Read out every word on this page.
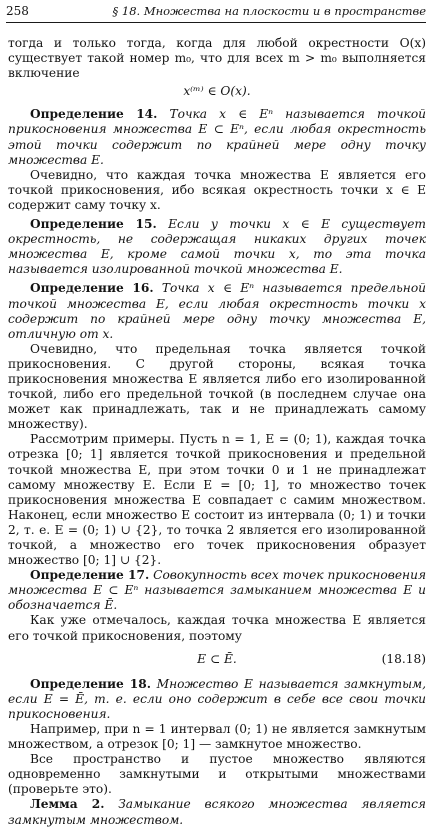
258	§ 18. Множества на плоскости и в пространстве

тогда и только тогда, когда для любой окрестности O(x) существует такой номер m₀, что для всех m > m₀ выполняется включение

x⁽ᵐ⁾ ∈ O(x).

Определение 14. Точка x ∈ Eⁿ называется точкой прикосновения множества E ⊂ Eⁿ, если любая окрестность этой точки содержит по крайней мере одну точку множества E.

Очевидно, что каждая точка множества E является его точкой прикосновения, ибо всякая окрестность точки x ∈ E содержит саму точку x.

Определение 15. Если у точки x ∈ E существует окрестность, не содержащая никаких других точек множества E, кроме самой точки x, то эта точка называется изолированной точкой множества E.

Определение 16. Точка x ∈ Eⁿ называется предельной точкой множества E, если любая окрестность точки x содержит по крайней мере одну точку множества E, отличную от x.

Очевидно, что предельная точка является точкой прикосновения. С другой стороны, всякая точка прикосновения множества E является либо его изолированной точкой, либо его предельной точкой (в последнем случае она может как принадлежать, так и не принадлежать самому множеству).

Рассмотрим примеры. Пусть n = 1, E = (0; 1), каждая точка отрезка [0; 1] является точкой прикосновения и предельной точкой множества E, при этом точки 0 и 1 не принадлежат самому множеству E. Если E = [0; 1], то множество точек прикосновения множества E совпадает с самим множеством. Наконец, если множество E состоит из интервала (0; 1) и точки 2, т. е. E = (0; 1) ∪ {2}, то точка 2 является его изолированной точкой, а множество его точек прикосновения образует множество [0; 1] ∪ {2}.

Определение 17. Совокупность всех точек прикосновения множества E ⊂ Eⁿ называется замыканием множества E и обозначается Ē.

Как уже отмечалось, каждая точка множества E является его точкой прикосновения, поэтому

E ⊂ Ē.	(18.18)

Определение 18. Множество E называется замкнутым, если E = Ē, т. е. если оно содержит в себе все свои точки прикосновения.

Например, при n = 1 интервал (0; 1) не является замкнутым множеством, а отрезок [0; 1] — замкнутое множество.

Все пространство и пустое множество являются одновременно замкнутыми и открытыми множествами (проверьте это).

Лемма 2. Замыкание всякого множества является замкнутым множеством.
